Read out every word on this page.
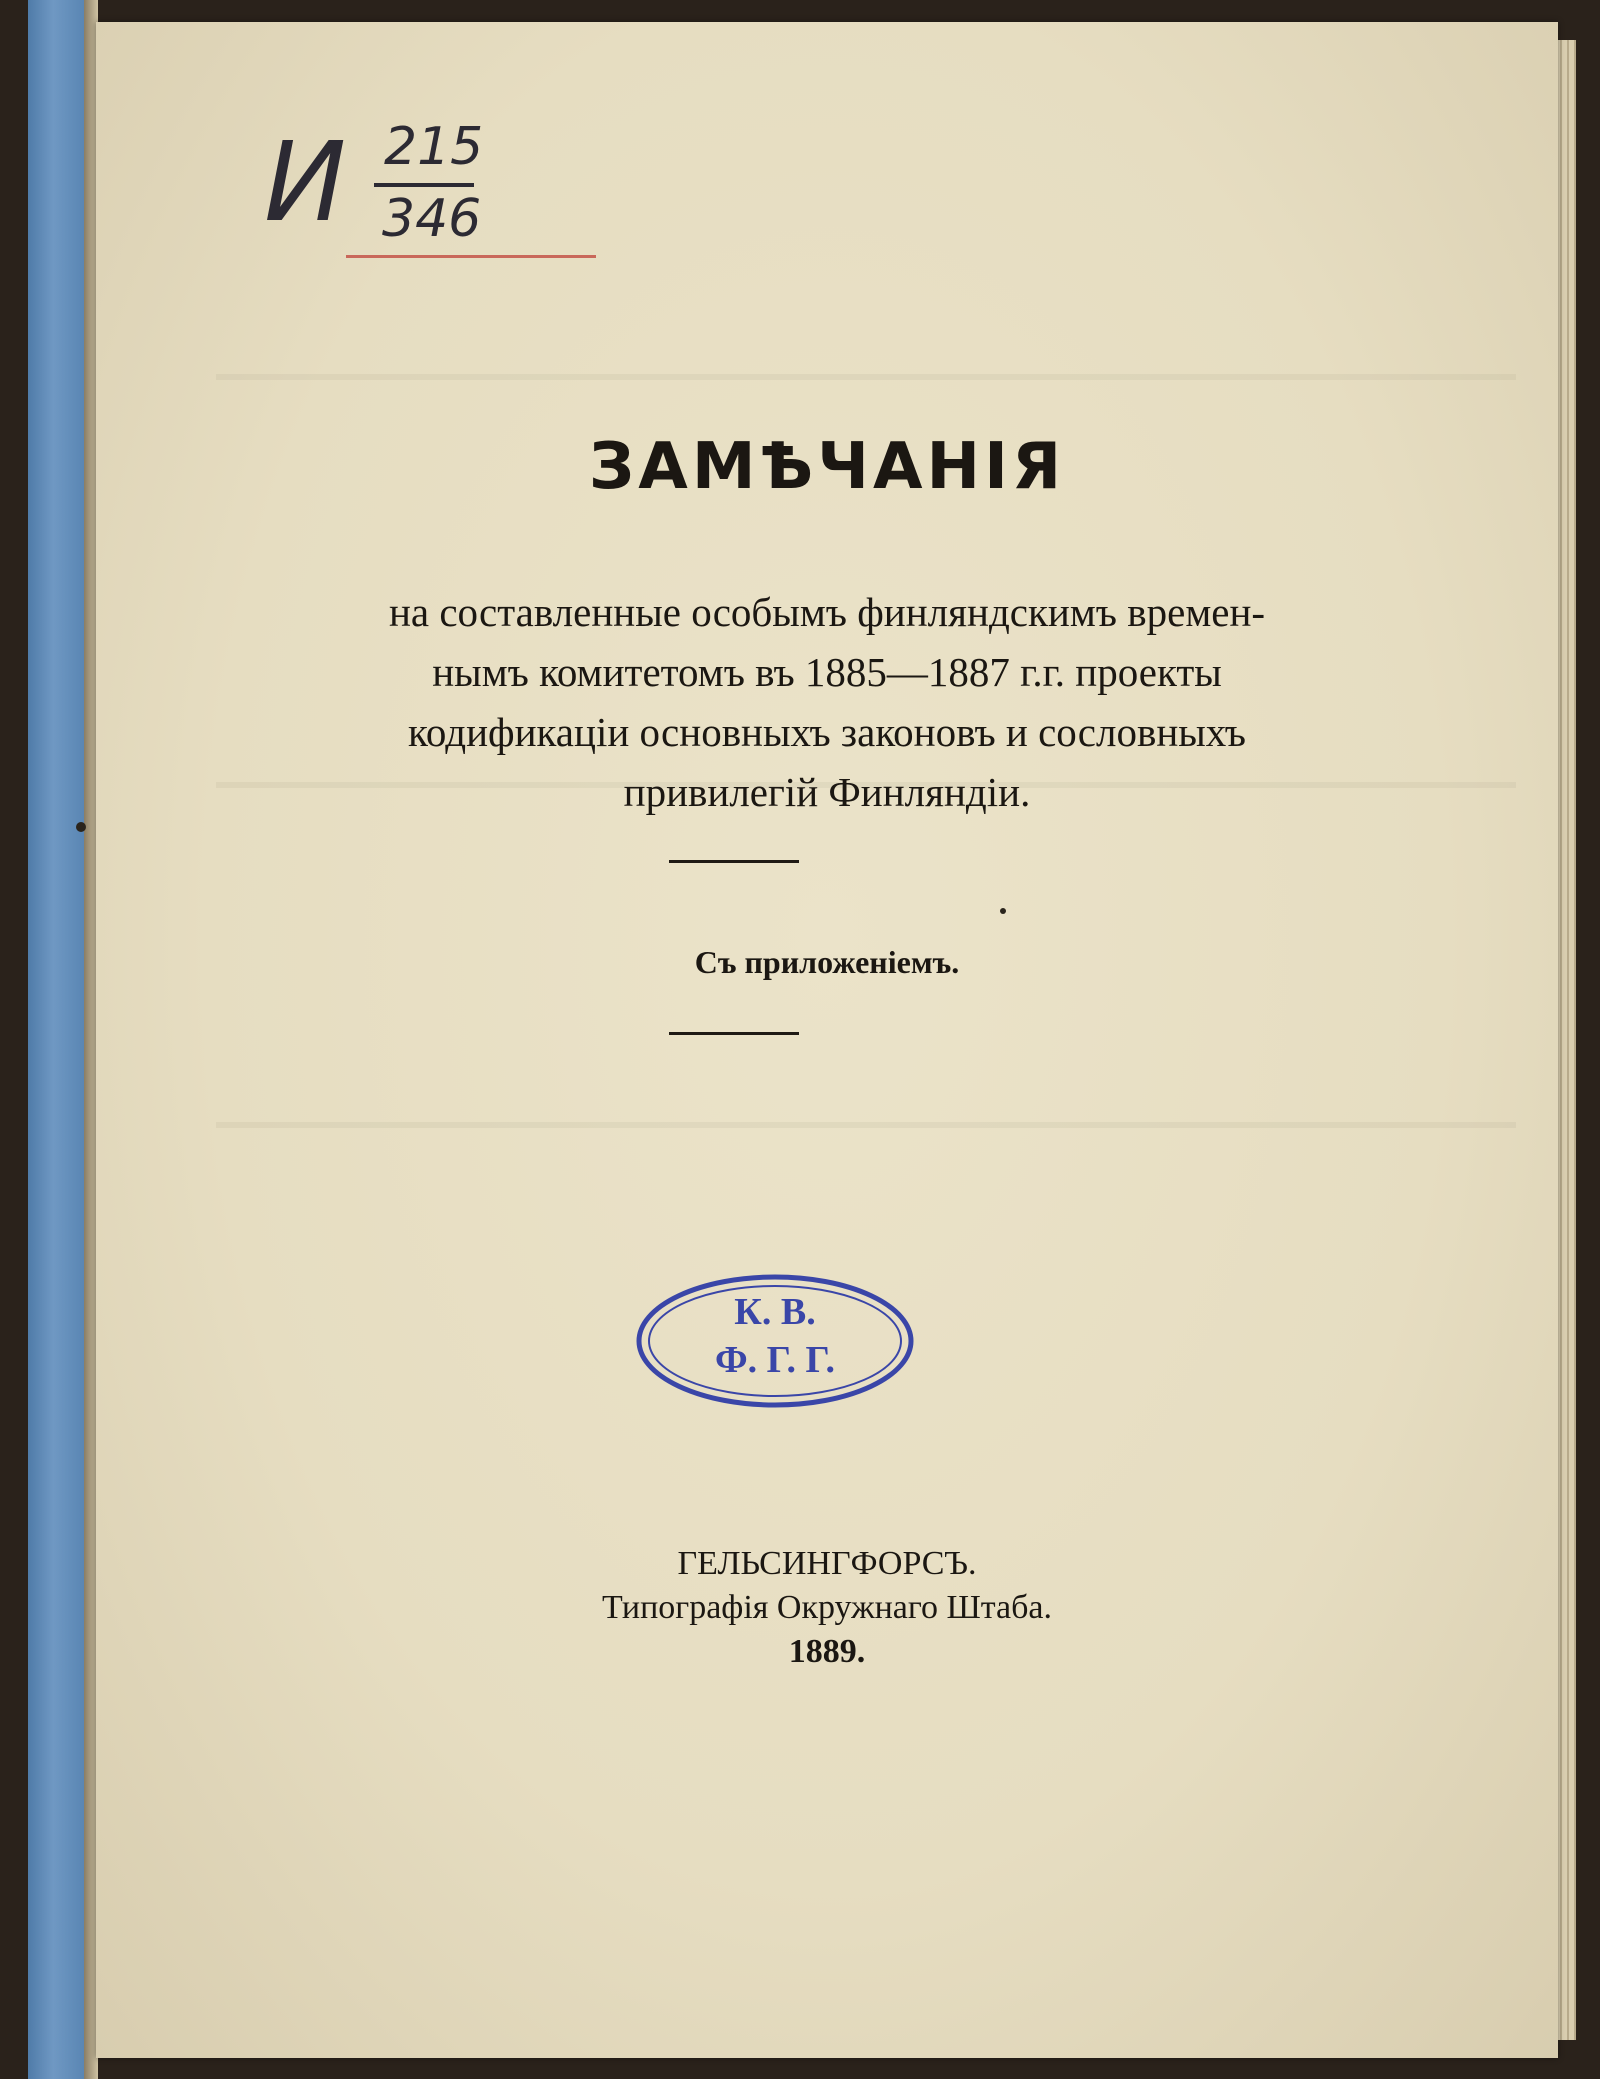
И 215
346
ЗАМѢЧАНІЯ
на составленные особымъ финляндскимъ времен-
нымъ комитетомъ въ 1885—1887 г.г. проекты
кодификаціи основныхъ законовъ и сословныхъ
привилегій Финляндіи.
Съ приложеніемъ.
К. В.
Ф. Г. Г.
ГЕЛЬСИНГФОРСЪ.
Типографія Окружнаго Штаба.
1889.
